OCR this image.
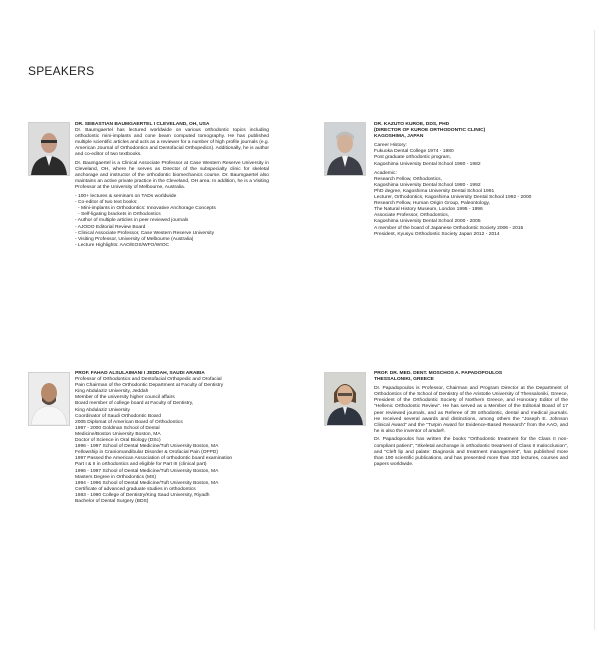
SPEAKERS

DR. SEBASTIAN BAUMGAERTEL I CLEVELAND, OH, USA

Dr. Baumgaertel has lectured worldwide on various orthodontic topics including orthodontic mini-implants and cone beam computed tomography. He has published multiple scientific articles and acts as a reviewer for a number of high profile journals (e.g. American Journal of Orthodontics and Dentofacial Orthopedics). Additionally, he is author and co-editor of two textbooks.

Dr. Baumgaertel is a Clinical Associate Professor at Case Western Reserve University in Cleveland, OH, where he serves as Director of the subspecialty clinic for skeletal anchorage and instructor of the orthodontic biomechanics course. Dr. Baumgaertel also maintains an active private practice in the Cleveland, OH area. In addition, he is a Visiting Professor at the University of Melbourne, Australia.

- 100+ lectures & seminars on TADs worldwide
- Co-editor of two text books:
- Mini-implants in Orthodontics: Innovative Anchorage Concepts
- Self-ligating brackets in Orthodontics
- Author of multiple articles in peer reviewed journals
- AJODO Editorial Review Board
- Clinical Associate Professor, Case Western Reserve University
- Visiting Professor, University of Melbourne (Australia)
- Lecture Highlights: AAO/EOS/WFO/WIOC

DR. KAZUTO KUROE, DDS, PHD

(DIRECTOR OF KUROE ORTHODONTIC CLINIC)

KAGOSHIMA, JAPAN

Career History:

Fukuoka Dental College 1974 - 1980

Post graduate orthodontic program,

Kagoshima University Dental School 1980 - 1982

Academic:

Research Fellow, Orthodontics,

Kagoshima University Dental School 1980 - 1992

PhD degree, Kagoshima University Dental School 1991

Lecturer, Orthodontics, Kagoshima University Dental School 1992 - 2000

Research Fellow, Human Origin Group, Paleontology,

The Natural History Museum, London 1995 - 1996

Associate Professor, Orthodontics,

Kagoshima University Dental School 2000 - 2005

A member of the board of Japanese Orthodontic Society 2006 - 2015

President, Kyusyu Orthodontic Society Japan 2012 - 2014

PROF. FAHAD ALSULAIMANI I JEDDAH, SAUDI ARABIA

Professor of Orthodontics and Dentofacial Orthopedic and Orofacial

Pain Chairman of the Orthodontic Department at Faculty of Dentistry

King Abdulaziz University, Jeddah

Member of the university higher council affairs

Board member of college board at Faculty of Dentistry,

King Abdulaziz University

Coordinator of Saudi Orthodontic Board

2005 Diplomat of American Board of Orthodontics

1997 - 2000 Goldman School of Dental

Medicine/Boston University Boston, MA

Doctor of Science in Oral Biology (DSc)

1996 - 1997 School of Dental Medicine/Tuft University Boston, MA

Fellowship in Craniomandibular Disorder & Orofacial Pain (OFPD)

1997 Passed the American Association of orthodontic board examination

Part I & II in orthodontics and eligible for Part III (clinical part)

1996 - 1997 School of Dental Medicine/Tuft University Boston, MA

Masters Degree in Orthodontics (MS)

1994 - 1996 School of Dental Medicine/Tuft University Boston, MA

Certificate of advanced graduate studies in orthodontics

1983 - 1990 College of Dentistry/King Saud University, Riyadh

Bachelor of Dental Surgery (BDS)

PROF. DR. MED. DENT. MOSCHOS A. PAPADOPOULOS

THESSALONIKI, GREECE

Dr. Papadopoulos is Professor, Chairman and Program Director at the Department of Orthodontics of the School of Dentistry of the Aristotle University of Thessaloniki, Greece, President of the Orthodontic Society of Northern Greece, and Honorary Editor of the "Hellenic Orthodontic Review". He has served as a Member of the Editorial Board of 17 peer reviewed journals, and as Referee of 39 orthodontic, dental and medical journals. He received several awards and distinctions, among others the "Joseph E. Johnson Clinical Award" and the "Turpin Award for Evidence-Based Research" from the AAO, and he is also the inventor of amda®.

Dr. Papadopoulos has written the books "Orthodontic treatment for the Class II non-compliant patient", "Skeletal anchorage in orthodontic treatment of Class II malocclusion", and "Cleft lip and palate: Diagnosis and treatment management", has published more than 190 scientific publications, and has presented more than 310 lectures, courses and papers worldwide.
